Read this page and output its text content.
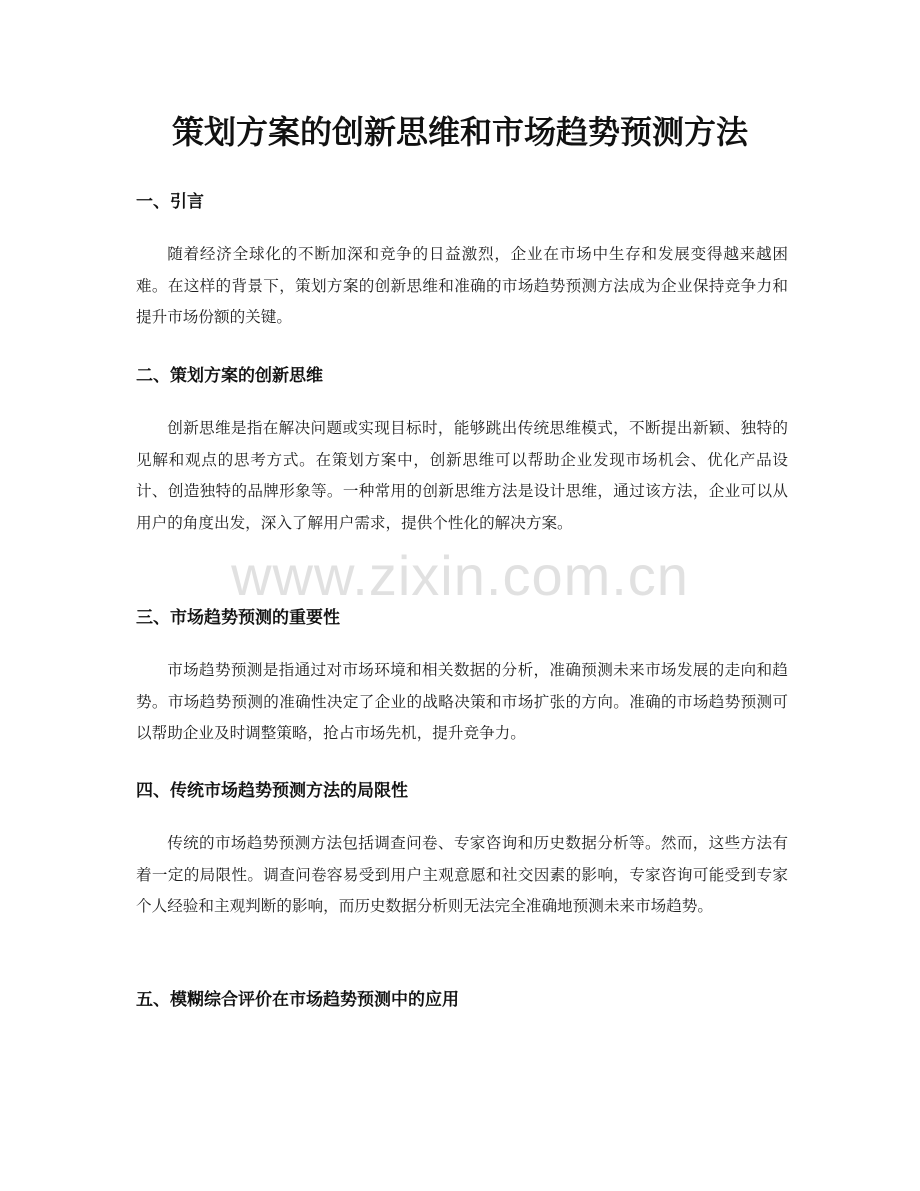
策划方案的创新思维和市场趋势预测方法
一、引言

随着经济全球化的不断加深和竞争的日益激烈，企业在市场中生存和发展变得越来越困难。在这样的背景下，策划方案的创新思维和准确的市场趋势预测方法成为企业保持竞争力和提升市场份额的关键。

二、策划方案的创新思维

创新思维是指在解决问题或实现目标时，能够跳出传统思维模式，不断提出新颖、独特的见解和观点的思考方式。在策划方案中，创新思维可以帮助企业发现市场机会、优化产品设计、创造独特的品牌形象等。一种常用的创新思维方法是设计思维，通过该方法，企业可以从用户的角度出发，深入了解用户需求，提供个性化的解决方案。

三、市场趋势预测的重要性

市场趋势预测是指通过对市场环境和相关数据的分析，准确预测未来市场发展的走向和趋势。市场趋势预测的准确性决定了企业的战略决策和市场扩张的方向。准确的市场趋势预测可以帮助企业及时调整策略，抢占市场先机，提升竞争力。

四、传统市场趋势预测方法的局限性

传统的市场趋势预测方法包括调查问卷、专家咨询和历史数据分析等。然而，这些方法有着一定的局限性。调查问卷容易受到用户主观意愿和社交因素的影响，专家咨询可能受到专家个人经验和主观判断的影响，而历史数据分析则无法完全准确地预测未来市场趋势。

五、模糊综合评价在市场趋势预测中的应用
www.zixin.com.cn
